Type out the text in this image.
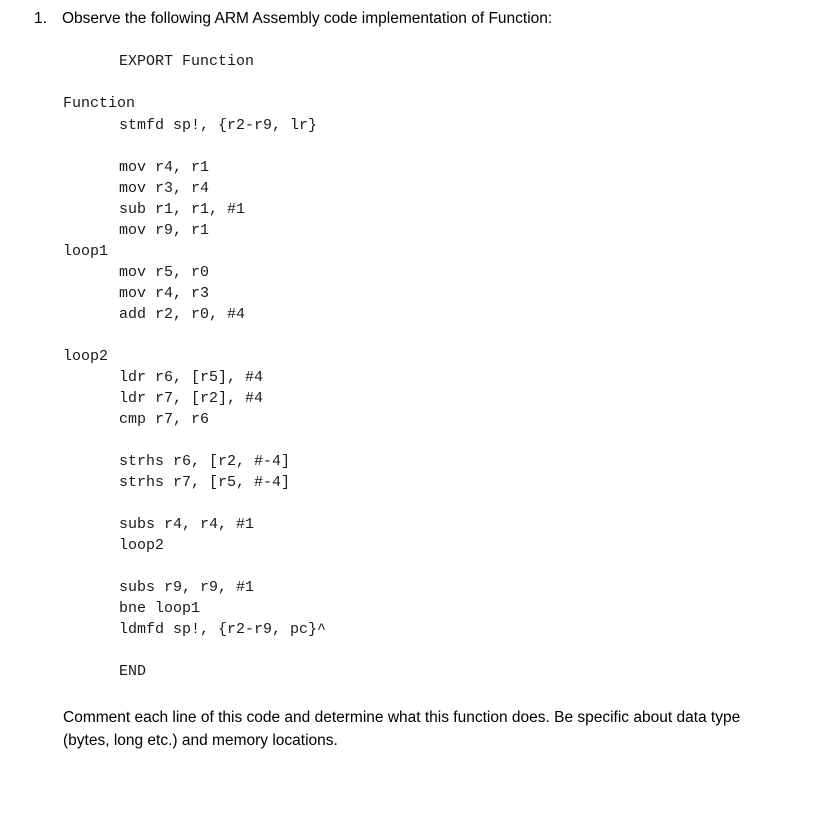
1. Observe the following ARM Assembly code implementation of Function:
EXPORT Function
Function
stmfd sp!, {r2-r9, lr}
mov r4, r1
mov r3, r4
sub r1, r1, #1
mov r9, r1
loop1
mov r5, r0
mov r4, r3
add r2, r0, #4
loop2
ldr r6, [r5], #4
ldr r7, [r2], #4
cmp r7, r6
strhs r6, [r2, #-4]
strhs r7, [r5, #-4]
subs r4, r4, #1
loop2
subs r9, r9, #1
bne loop1
ldmfd sp!, {r2-r9, pc}^
END
Comment each line of this code and determine what this function does. Be specific about data type (bytes, long etc.) and memory locations.
